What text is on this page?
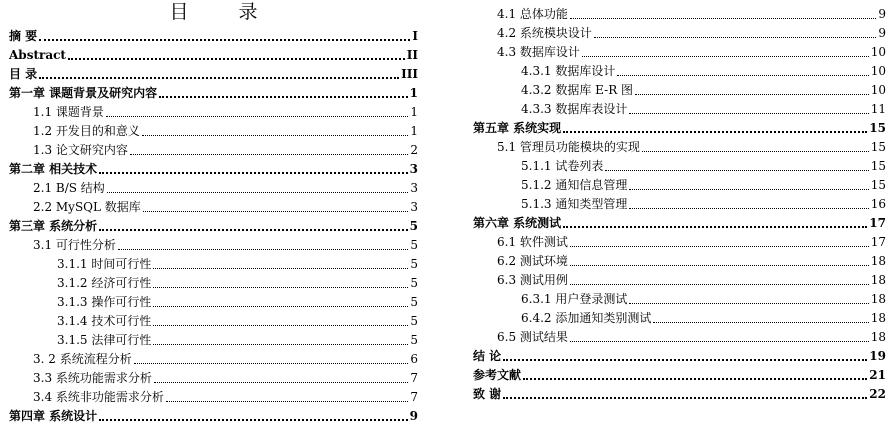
目 录
摘 要	I
Abstract	II
目 录	III
第一章 课题背景及研究内容	1
1.1 课题背景	1
1.2 开发目的和意义	1
1.3 论文研究内容	2
第二章 相关技术	3
2.1 B/S 结构	3
2.2 MySQL 数据库	3
第三章 系统分析	5
3.1 可行性分析	5
3.1.1 时间可行性	5
3.1.2 经济可行性	5
3.1.3 操作可行性	5
3.1.4 技术可行性	5
3.1.5 法律可行性	5
3. 2 系统流程分析	6
3.3 系统功能需求分析	7
3.4 系统非功能需求分析	7
第四章 系统设计	9
4.1 总体功能	9
4.2 系统模块设计	9
4.3 数据库设计	10
4.3.1 数据库设计	10
4.3.2 数据库 E-R 图	10
4.3.3 数据库表设计	11
第五章 系统实现	15
5.1 管理员功能模块的实现	15
5.1.1 试卷列表	15
5.1.2 通知信息管理	15
5.1.3 通知类型管理	16
第六章 系统测试	17
6.1 软件测试	17
6.2 测试环境	18
6.3 测试用例	18
6.3.1 用户登录测试	18
6.4.2 添加通知类别测试	18
6.5 测试结果	18
结 论	19
参考文献	21
致 谢	22
